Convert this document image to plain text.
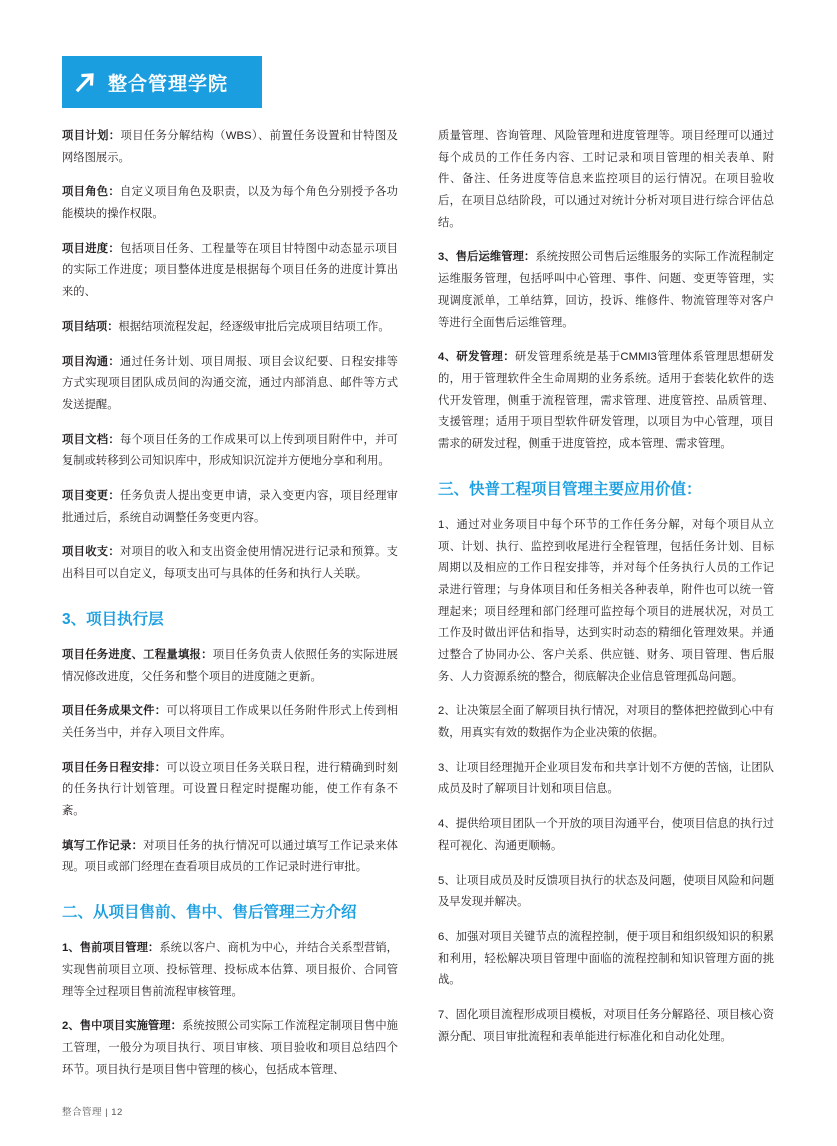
整合管理学院

项目计划：项目任务分解结构（WBS）、前置任务设置和甘特图及网络图展示。

项目角色：自定义项目角色及职责，以及为每个角色分别授予各功能模块的操作权限。

项目进度：包括项目任务、工程量等在项目甘特图中动态显示项目的实际工作进度；项目整体进度是根据每个项目任务的进度计算出来的、

项目结项：根据结项流程发起，经逐级审批后完成项目结项工作。

项目沟通：通过任务计划、项目周报、项目会议纪要、日程安排等方式实现项目团队成员间的沟通交流，通过内部消息、邮件等方式发送提醒。

项目文档：每个项目任务的工作成果可以上传到项目附件中，并可复制或转移到公司知识库中，形成知识沉淀并方便地分享和利用。

项目变更：任务负责人提出变更申请，录入变更内容，项目经理审批通过后，系统自动调整任务变更内容。

项目收支：对项目的收入和支出资金使用情况进行记录和预算。支出科目可以自定义，每项支出可与具体的任务和执行人关联。

3、项目执行层

项目任务进度、工程量填报：项目任务负责人依照任务的实际进展情况修改进度，父任务和整个项目的进度随之更新。

项目任务成果文件：可以将项目工作成果以任务附件形式上传到相关任务当中，并存入项目文件库。

项目任务日程安排：可以设立项目任务关联日程，进行精确到时刻的任务执行计划管理。可设置日程定时提醒功能，使工作有条不紊。

填写工作记录：对项目任务的执行情况可以通过填写工作记录来体现。项目或部门经理在查看项目成员的工作记录时进行审批。

二、从项目售前、售中、售后管理三方介绍

1、售前项目管理：系统以客户、商机为中心，并结合关系型营销，实现售前项目立项、投标管理、投标成本估算、项目报价、合同管理等全过程项目售前流程审核管理。

2、售中项目实施管理：系统按照公司实际工作流程定制项目售中施工管理，一般分为项目执行、项目审核、项目验收和项目总结四个环节。项目执行是项目售中管理的核心，包括成本管理、

质量管理、咨询管理、风险管理和进度管理等。项目经理可以通过每个成员的工作任务内容、工时记录和项目管理的相关表单、附件、备注、任务进度等信息来监控项目的运行情况。在项目验收后，在项目总结阶段，可以通过对统计分析对项目进行综合评估总结。

3、售后运维管理：系统按照公司售后运维服务的实际工作流程制定运维服务管理，包括呼叫中心管理、事件、问题、变更等管理，实现调度派单，工单结算，回访，投诉、维修件、物流管理等对客户等进行全面售后运维管理。

4、研发管理：研发管理系统是基于CMMI3管理体系管理思想研发的，用于管理软件全生命周期的业务系统。适用于套装化软件的迭代开发管理，侧重于流程管理，需求管理、进度管控、品质管理、支援管理；适用于项目型软件研发管理，以项目为中心管理，项目需求的研发过程，侧重于进度管控，成本管理、需求管理。

三、快普工程项目管理主要应用价值：

1、通过对业务项目中每个环节的工作任务分解，对每个项目从立项、计划、执行、监控到收尾进行全程管理，包括任务计划、目标周期以及相应的工作日程安排等，并对每个任务执行人员的工作记录进行管理；与身体项目和任务相关各种表单，附件也可以统一管理起来；项目经理和部门经理可监控每个项目的进展状况，对员工工作及时做出评估和指导，达到实时动态的精细化管理效果。并通过整合了协同办公、客户关系、供应链、财务、项目管理、售后服务、人力资源系统的整合，彻底解决企业信息管理孤岛问题。

2、让决策层全面了解项目执行情况，对项目的整体把控做到心中有数，用真实有效的数据作为企业决策的依据。

3、让项目经理抛开企业项目发布和共享计划不方便的苦恼，让团队成员及时了解项目计划和项目信息。

4、提供给项目团队一个开放的项目沟通平台，使项目信息的执行过程可视化、沟通更顺畅。

5、让项目成员及时反馈项目执行的状态及问题，使项目风险和问题及早发现并解决。

6、加强对项目关键节点的流程控制，便于项目和组织级知识的积累和利用，轻松解决项目管理中面临的流程控制和知识管理方面的挑战。

7、固化项目流程形成项目模板，对项目任务分解路径、项目核心资源分配、项目审批流程和表单能进行标准化和自动化处理。

整合管理 | 12
